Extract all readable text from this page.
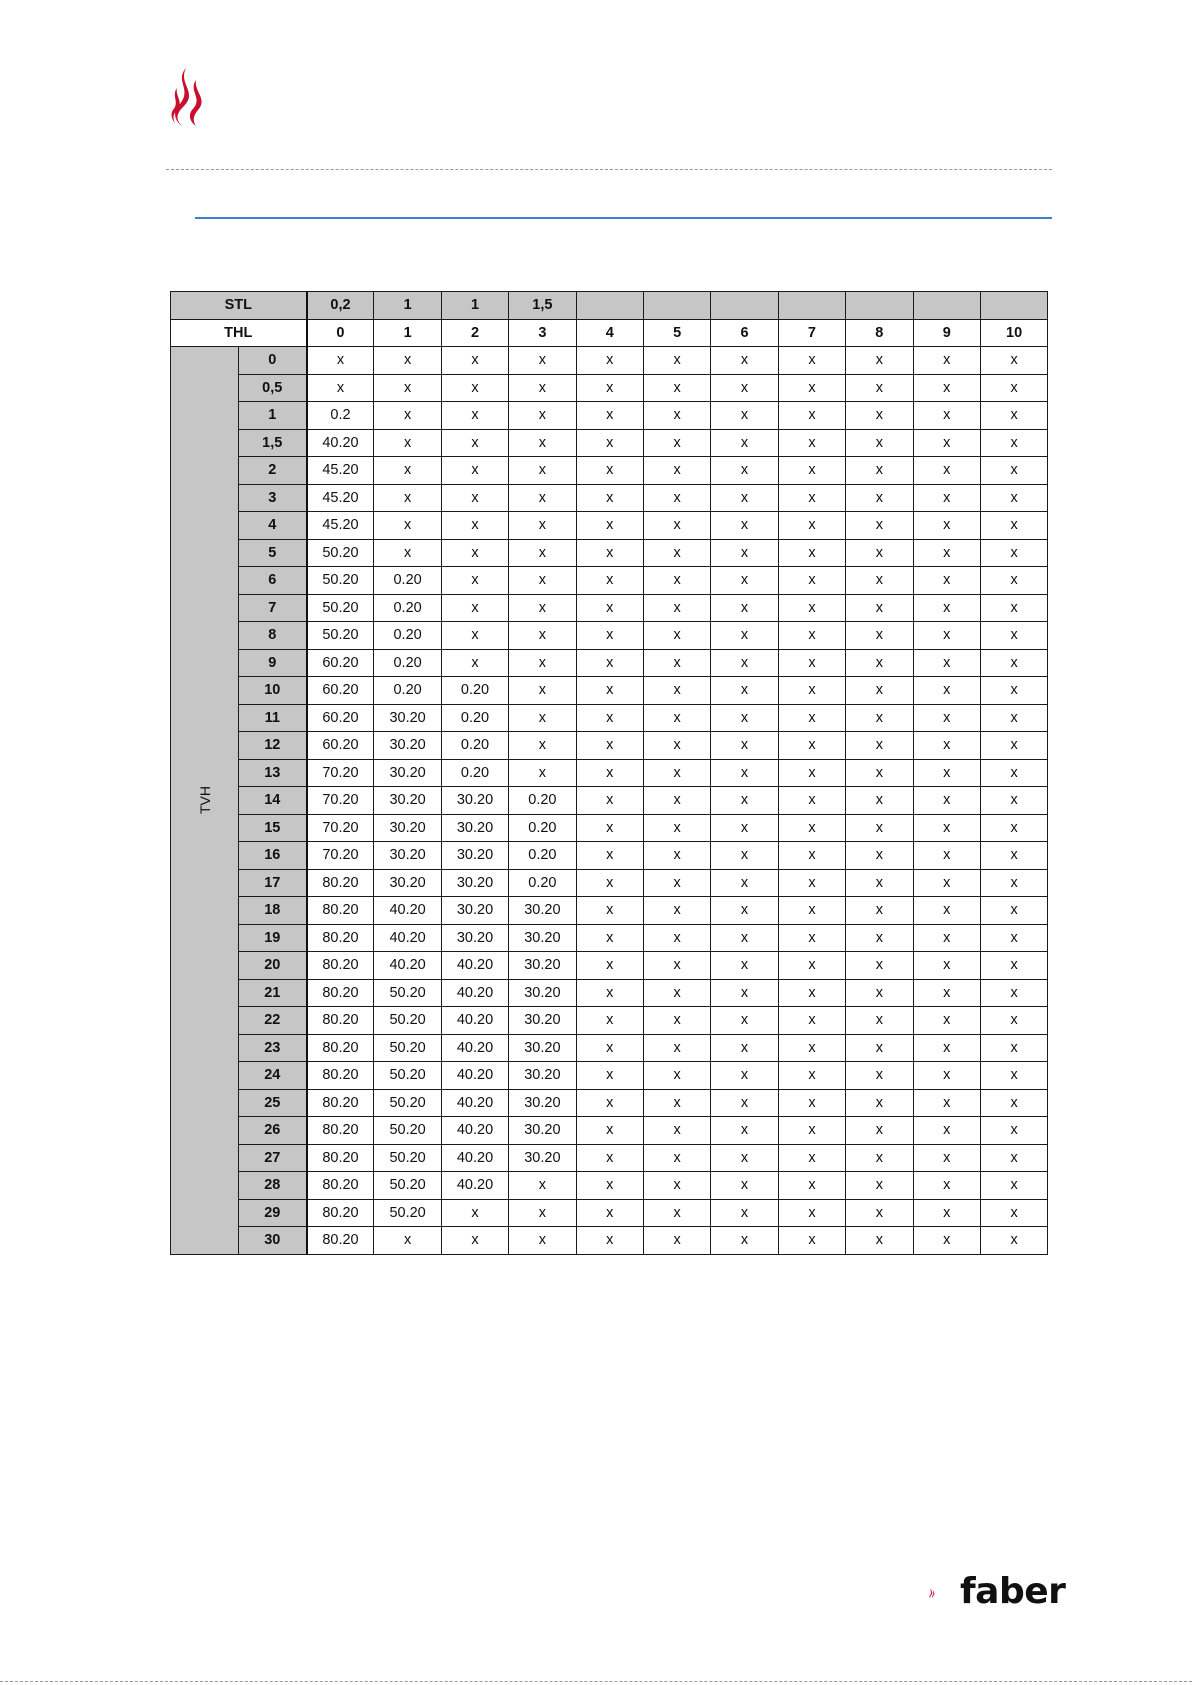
STL		0,2	1	1	1,5							
THL		0	1	2	3	4	5	6	7	8	9	10

TVH	0	x	x	x	x	x	x	x	x	x	x	x
	0,5	x	x	x	x	x	x	x	x	x	x	x
	1	0.2	x	x	x	x	x	x	x	x	x	x
	1,5	40.20	x	x	x	x	x	x	x	x	x	x
	2	45.20	x	x	x	x	x	x	x	x	x	x
	3	45.20	x	x	x	x	x	x	x	x	x	x
	4	45.20	x	x	x	x	x	x	x	x	x	x
	5	50.20	x	x	x	x	x	x	x	x	x	x
	6	50.20	0.20	x	x	x	x	x	x	x	x	x
	7	50.20	0.20	x	x	x	x	x	x	x	x	x
	8	50.20	0.20	x	x	x	x	x	x	x	x	x
	9	60.20	0.20	x	x	x	x	x	x	x	x	x
	10	60.20	0.20	0.20	x	x	x	x	x	x	x	x
	11	60.20	30.20	0.20	x	x	x	x	x	x	x	x
	12	60.20	30.20	0.20	x	x	x	x	x	x	x	x
	13	70.20	30.20	0.20	x	x	x	x	x	x	x	x
	14	70.20	30.20	30.20	0.20	x	x	x	x	x	x	x
	15	70.20	30.20	30.20	0.20	x	x	x	x	x	x	x
	16	70.20	30.20	30.20	0.20	x	x	x	x	x	x	x
	17	80.20	30.20	30.20	0.20	x	x	x	x	x	x	x
	18	80.20	40.20	30.20	30.20	x	x	x	x	x	x	x
	19	80.20	40.20	30.20	30.20	x	x	x	x	x	x	x
	20	80.20	40.20	40.20	30.20	x	x	x	x	x	x	x
	21	80.20	50.20	40.20	30.20	x	x	x	x	x	x	x
	22	80.20	50.20	40.20	30.20	x	x	x	x	x	x	x
	23	80.20	50.20	40.20	30.20	x	x	x	x	x	x	x
	24	80.20	50.20	40.20	30.20	x	x	x	x	x	x	x
	25	80.20	50.20	40.20	30.20	x	x	x	x	x	x	x
	26	80.20	50.20	40.20	30.20	x	x	x	x	x	x	x
	27	80.20	50.20	40.20	30.20	x	x	x	x	x	x	x
	28	80.20	50.20	40.20	x	x	x	x	x	x	x	x
	29	80.20	50.20	x	x	x	x	x	x	x	x	x
	30	80.20	x	x	x	x	x	x	x	x	x	x
faber
